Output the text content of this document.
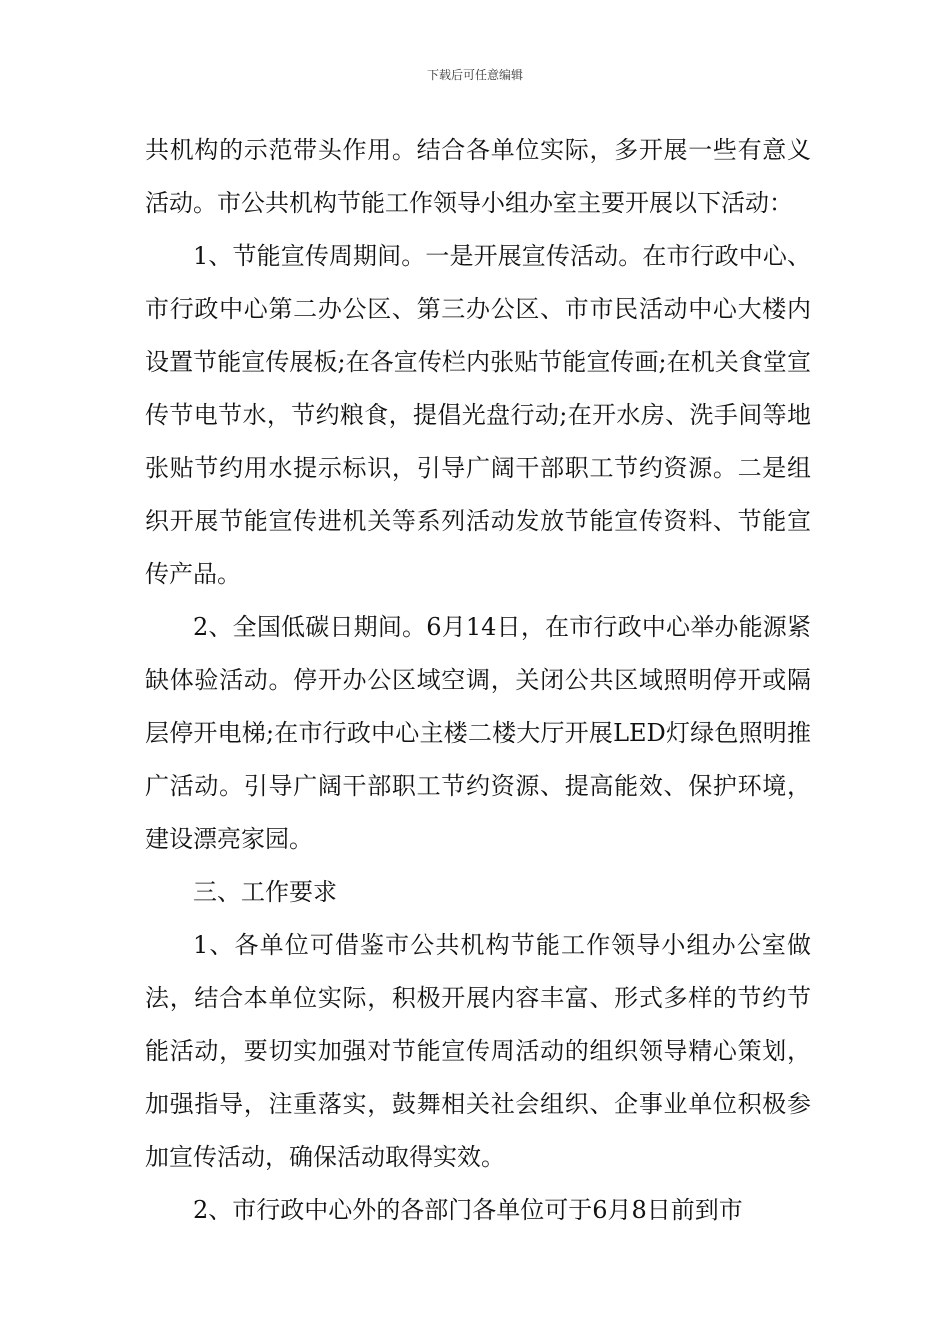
下载后可任意编辑

共机构的示范带头作用。结合各单位实际，多开展一些有意义活动。市公共机构节能工作领导小组办室主要开展以下活动：

1、节能宣传周期间。一是开展宣传活动。在市行政中心、市行政中心第二办公区、第三办公区、市市民活动中心大楼内设置节能宣传展板;在各宣传栏内张贴节能宣传画;在机关食堂宣传节电节水，节约粮食，提倡光盘行动;在开水房、洗手间等地张贴节约用水提示标识，引导广阔干部职工节约资源。二是组织开展节能宣传进机关等系列活动发放节能宣传资料、节能宣传产品。

2、全国低碳日期间。6月14日，在市行政中心举办能源紧缺体验活动。停开办公区域空调，关闭公共区域照明停开或隔层停开电梯;在市行政中心主楼二楼大厅开展LED灯绿色照明推广活动。引导广阔干部职工节约资源、提高能效、保护环境，建设漂亮家园。

三、工作要求

1、各单位可借鉴市公共机构节能工作领导小组办公室做法，结合本单位实际，积极开展内容丰富、形式多样的节约节能活动，要切实加强对节能宣传周活动的组织领导精心策划，加强指导，注重落实，鼓舞相关社会组织、企事业单位积极参加宣传活动，确保活动取得实效。

2、市行政中心外的各部门各单位可于6月8日前到市
